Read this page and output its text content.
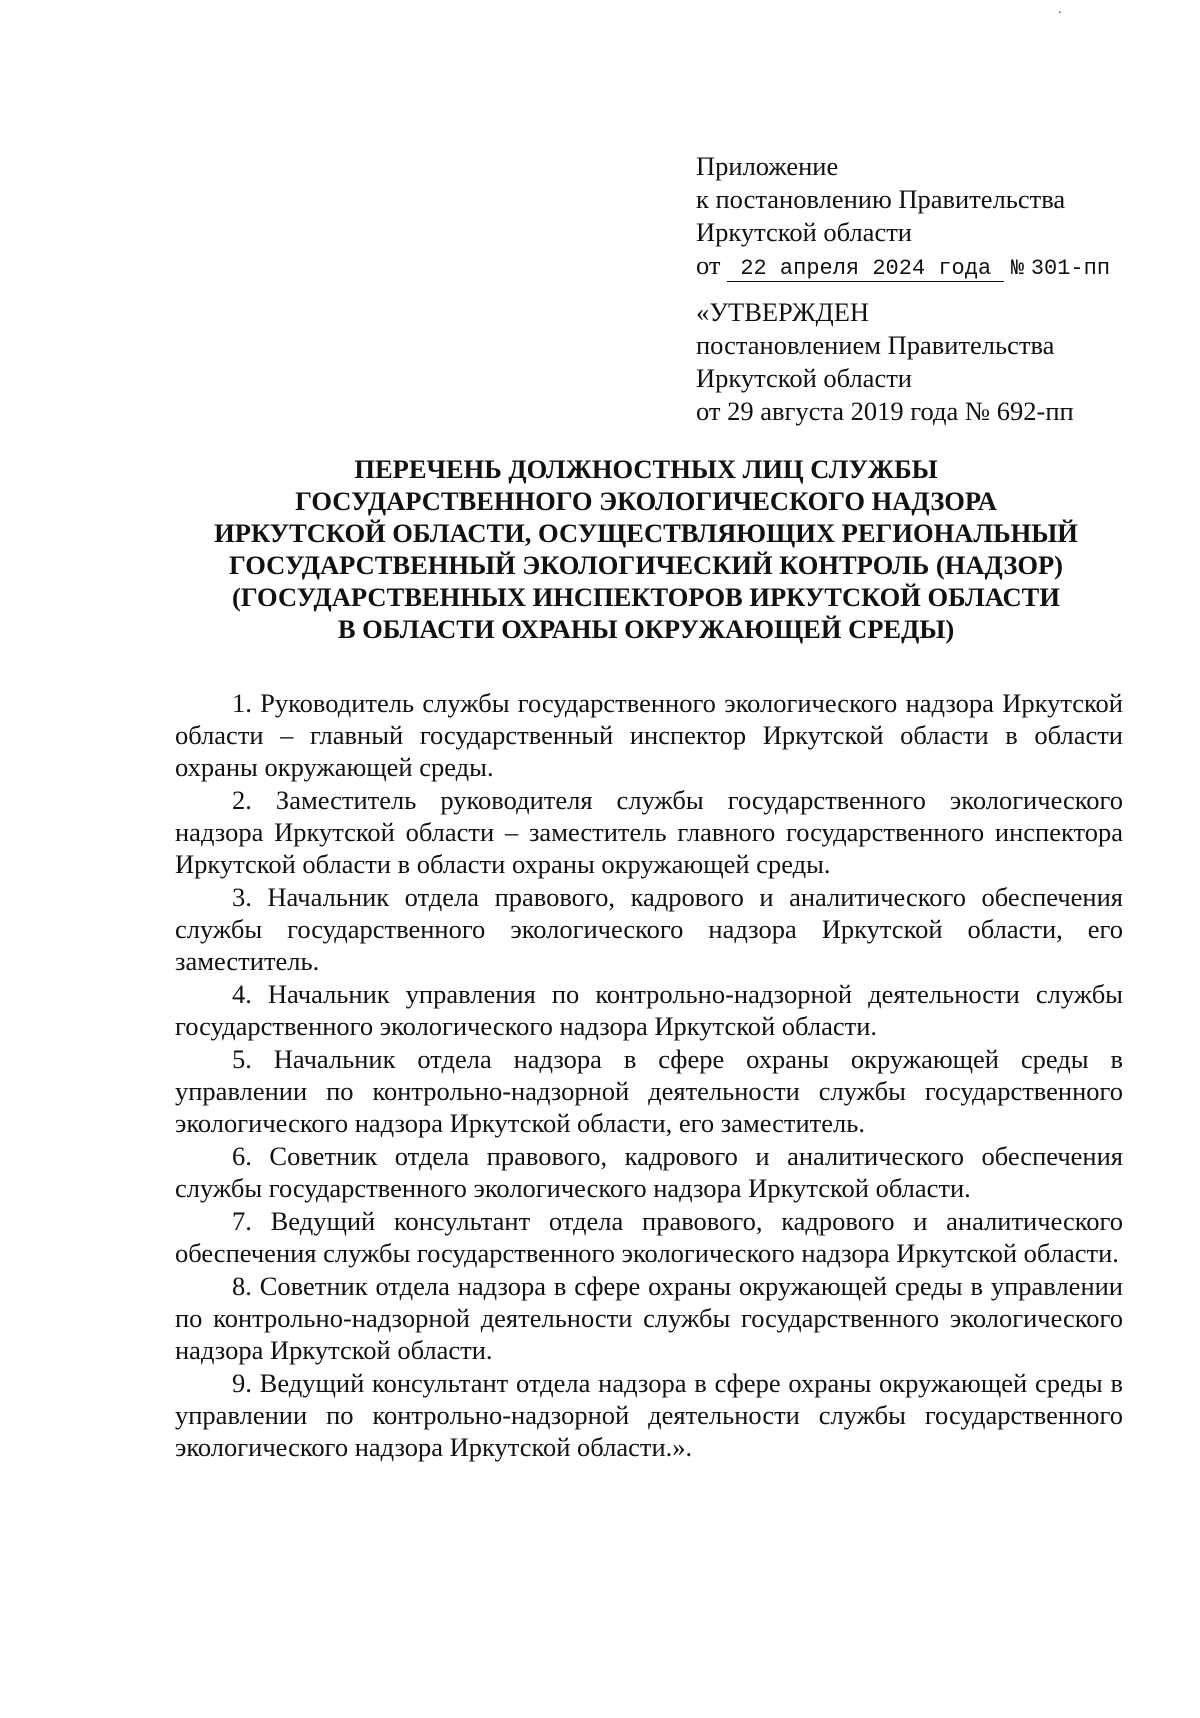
.
Приложение
к постановлению Правительства
Иркутской области
от 22 апреля 2024 года № 301-пп
«УТВЕРЖДЕН
постановлением Правительства
Иркутской области
от 29 августа 2019 года № 692-пп
ПЕРЕЧЕНЬ ДОЛЖНОСТНЫХ ЛИЦ СЛУЖБЫ
ГОСУДАРСТВЕННОГО ЭКОЛОГИЧЕСКОГО НАДЗОРА
ИРКУТСКОЙ ОБЛАСТИ, ОСУЩЕСТВЛЯЮЩИХ РЕГИОНАЛЬНЫЙ
ГОСУДАРСТВЕННЫЙ ЭКОЛОГИЧЕСКИЙ КОНТРОЛЬ (НАДЗОР)
(ГОСУДАРСТВЕННЫХ ИНСПЕКТОРОВ ИРКУТСКОЙ ОБЛАСТИ
В ОБЛАСТИ ОХРАНЫ ОКРУЖАЮЩЕЙ СРЕДЫ)

1. Руководитель службы государственного экологического надзора Иркутской области – главный государственный инспектор Иркутской области в области охраны окружающей среды.

2. Заместитель руководителя службы государственного экологического надзора Иркутской области – заместитель главного государственного инспектора Иркутской области в области охраны окружающей среды.

3. Начальник отдела правового, кадрового и аналитического обеспечения службы государственного экологического надзора Иркутской области, его заместитель.

4. Начальник управления по контрольно-надзорной деятельности службы государственного экологического надзора Иркутской области.

5. Начальник отдела надзора в сфере охраны окружающей среды в управлении по контрольно-надзорной деятельности службы государственного экологического надзора Иркутской области, его заместитель.

6. Советник отдела правового, кадрового и аналитического обеспечения службы государственного экологического надзора Иркутской области.

7. Ведущий консультант отдела правового, кадрового и аналитического обеспечения службы государственного экологического надзора Иркутской области.

8. Советник отдела надзора в сфере охраны окружающей среды в управлении по контрольно-надзорной деятельности службы государственного экологического надзора Иркутской области.

9. Ведущий консультант отдела надзора в сфере охраны окружающей среды в управлении по контрольно-надзорной деятельности службы государственного экологического надзора Иркутской области.».
